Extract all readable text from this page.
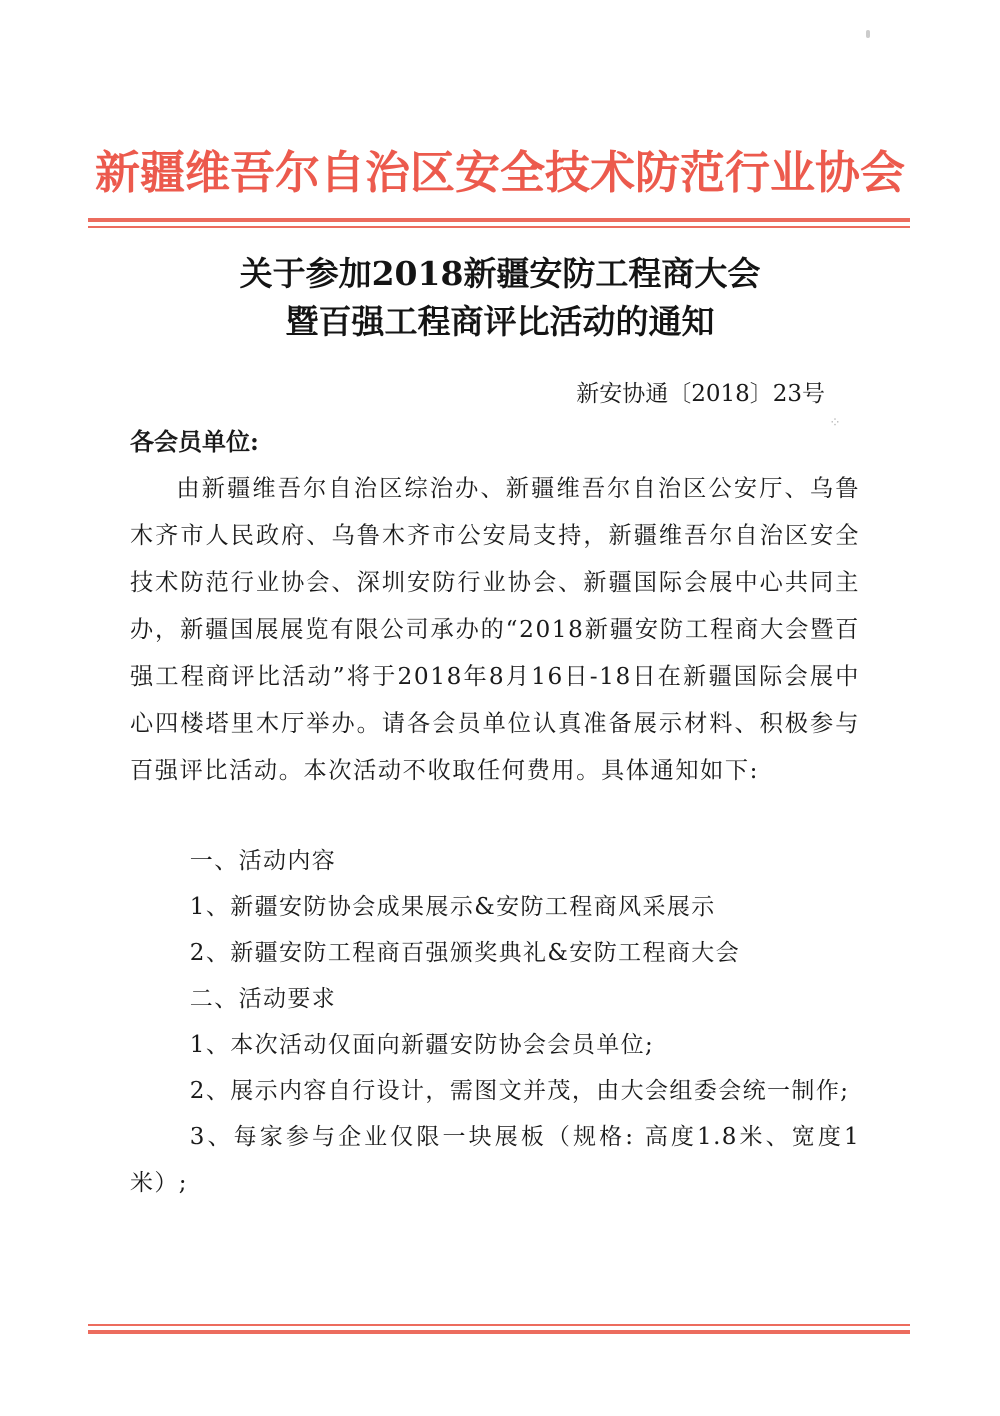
新疆维吾尔自治区安全技术防范行业协会
关于参加2018新疆安防工程商大会
暨百强工程商评比活动的通知
新安协通〔2018〕23号
⁘
各会员单位:

由新疆维吾尔自治区综治办、新疆维吾尔自治区公安厅、乌鲁木齐市人民政府、乌鲁木齐市公安局支持，新疆维吾尔自治区安全技术防范行业协会、深圳安防行业协会、新疆国际会展中心共同主办，新疆国展展览有限公司承办的“2018新疆安防工程商大会暨百强工程商评比活动”将于2018年8月16日-18日在新疆国际会展中心四楼塔里木厅举办。请各会员单位认真准备展示材料、积极参与百强评比活动。本次活动不收取任何费用。具体通知如下:

一、活动内容
1、新疆安防协会成果展示&安防工程商风采展示
2、新疆安防工程商百强颁奖典礼&安防工程商大会
二、活动要求
1、本次活动仅面向新疆安防协会会员单位;
2、展示内容自行设计，需图文并茂，由大会组委会统一制作;
3、每家参与企业仅限一块展板（规格: 高度1.8米、宽度1米）;
